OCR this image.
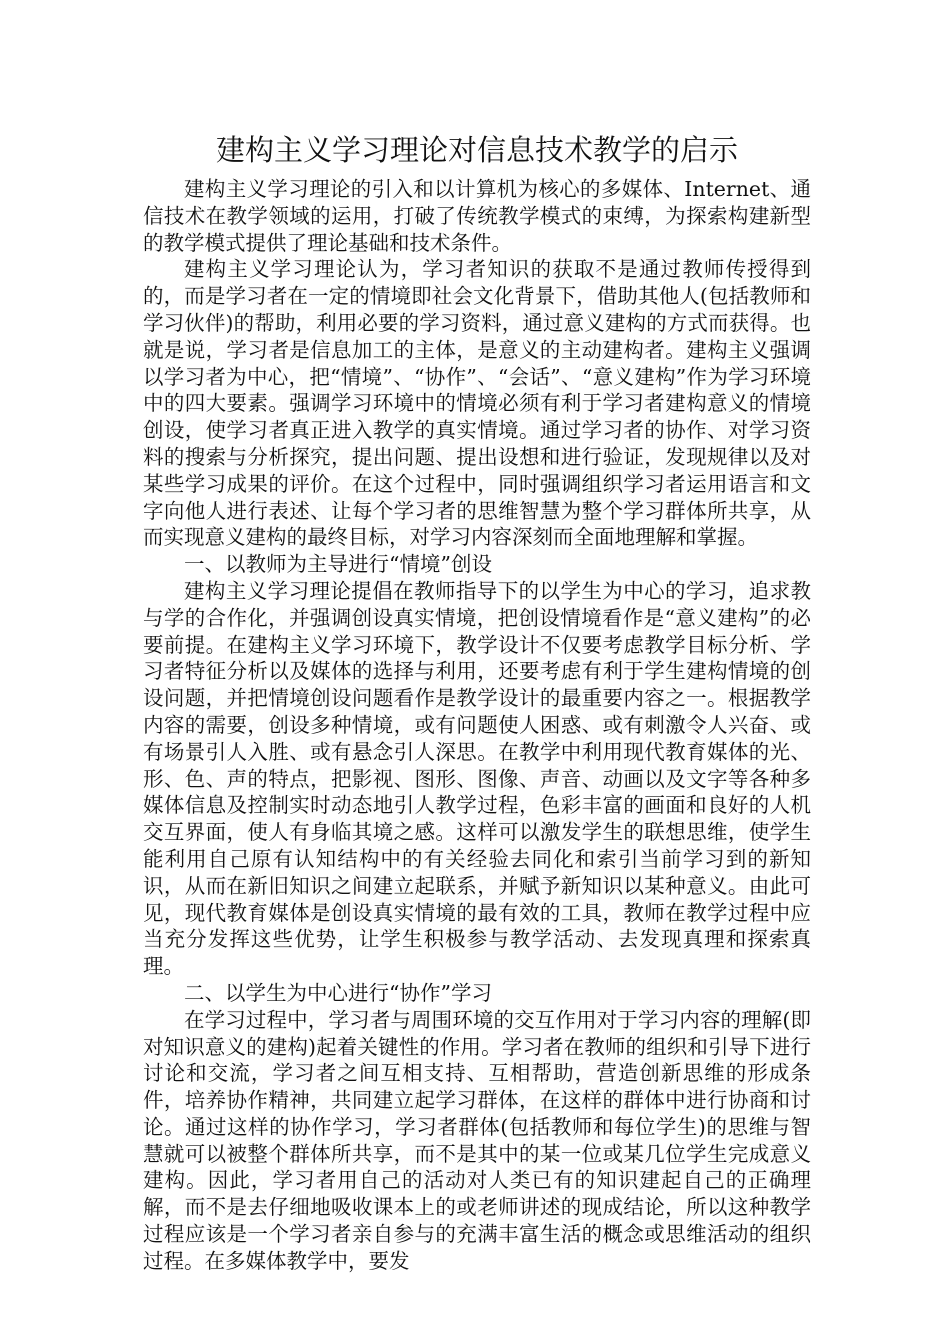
建构主义学习理论对信息技术教学的启示

建构主义学习理论的引入和以计算机为核心的多媒体、Internet、通信技术在教学领域的运用，打破了传统教学模式的束缚，为探索构建新型的教学模式提供了理论基础和技术条件。

建构主义学习理论认为，学习者知识的获取不是通过教师传授得到的，而是学习者在一定的情境即社会文化背景下，借助其他人(包括教师和学习伙伴)的帮助，利用必要的学习资料，通过意义建构的方式而获得。也就是说，学习者是信息加工的主体，是意义的主动建构者。建构主义强调以学习者为中心，把“情境”、“协作”、“会话”、“意义建构”作为学习环境中的四大要素。强调学习环境中的情境必须有利于学习者建构意义的情境创设，使学习者真正进入教学的真实情境。通过学习者的协作、对学习资料的搜索与分析探究，提出问题、提出设想和进行验证，发现规律以及对某些学习成果的评价。在这个过程中，同时强调组织学习者运用语言和文字向他人进行表述、让每个学习者的思维智慧为整个学习群体所共享，从而实现意义建构的最终目标，对学习内容深刻而全面地理解和掌握。

一、以教师为主导进行“情境”创设

建构主义学习理论提倡在教师指导下的以学生为中心的学习，追求教与学的合作化，并强调创设真实情境，把创设情境看作是“意义建构”的必要前提。在建构主义学习环境下，教学设计不仅要考虑教学目标分析、学习者特征分析以及媒体的选择与利用，还要考虑有利于学生建构情境的创设问题，并把情境创设问题看作是教学设计的最重要内容之一。根据教学内容的需要，创设多种情境，或有问题使人困惑、或有刺激令人兴奋、或有场景引人入胜、或有悬念引人深思。在教学中利用现代教育媒体的光、形、色、声的特点，把影视、图形、图像、声音、动画以及文字等各种多媒体信息及控制实时动态地引人教学过程，色彩丰富的画面和良好的人机交互界面，使人有身临其境之感。这样可以激发学生的联想思维，使学生能利用自己原有认知结构中的有关经验去同化和索引当前学习到的新知识，从而在新旧知识之间建立起联系，并赋予新知识以某种意义。由此可见，现代教育媒体是创设真实情境的最有效的工具，教师在教学过程中应当充分发挥这些优势，让学生积极参与教学活动、去发现真理和探索真理。

二、以学生为中心进行“协作”学习

在学习过程中，学习者与周围环境的交互作用对于学习内容的理解(即对知识意义的建构)起着关键性的作用。学习者在教师的组织和引导下进行讨论和交流，学习者之间互相支持、互相帮助，营造创新思维的形成条件，培养协作精神，共同建立起学习群体，在这样的群体中进行协商和讨论。通过这样的协作学习，学习者群体(包括教师和每位学生)的思维与智慧就可以被整个群体所共享，而不是其中的某一位或某几位学生完成意义建构。因此，学习者用自己的活动对人类已有的知识建起自己的正确理解，而不是去仔细地吸收课本上的或老师讲述的现成结论，所以这种教学过程应该是一个学习者亲自参与的充满丰富生活的概念或思维活动的组织过程。在多媒体教学中，要发
